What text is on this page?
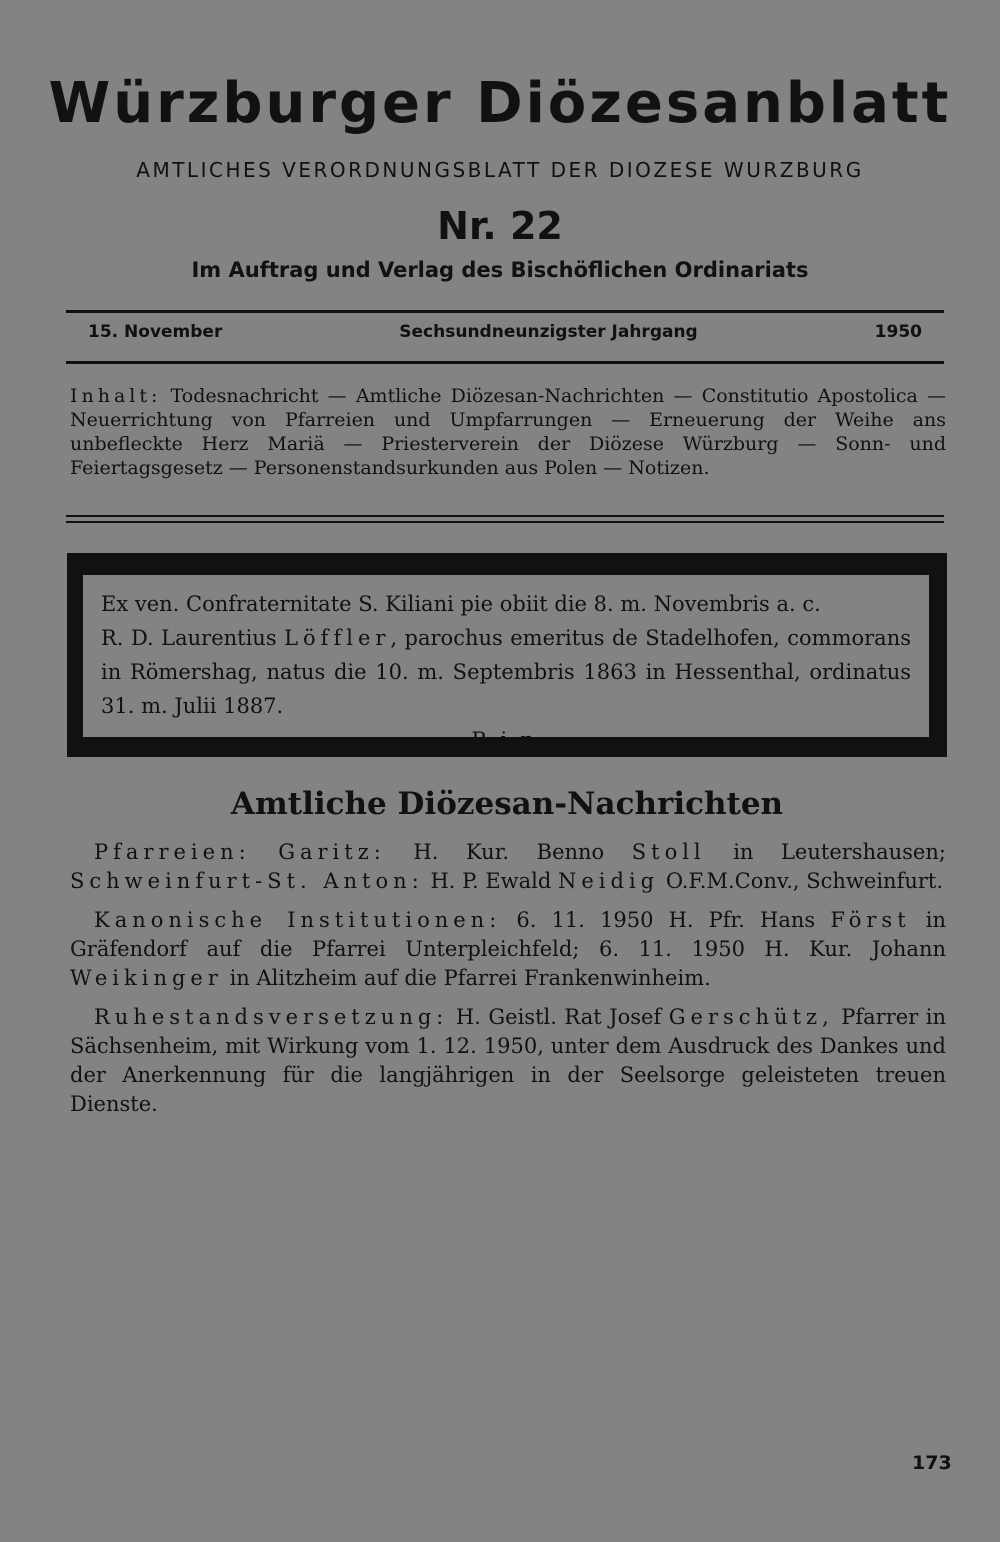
Würzburger Diözesanblatt
AMTLICHES VERORDNUNGSBLATT DER DIOZESE WURZBURG
Nr. 22
Im Auftrag und Verlag des Bischöflichen Ordinariats
15. November	Sechsundneunzigster Jahrgang	1950
Inhalt: Todesnachricht — Amtliche Diözesan-Nachrichten — Constitutio Apostolica — Neuerrichtung von Pfarreien und Umpfarrungen — Erneuerung der Weihe ans unbefleckte Herz Mariä — Priesterverein der Diözese Würzburg — Sonn- und Feiertagsgesetz — Personenstandsurkunden aus Polen — Notizen.
Ex ven. Confraternitate S. Kiliani pie obiit die 8. m. Novembris a. c.
R. D. Laurentius Löffler, parochus emeritus de Stadelhofen, commorans in Römershag, natus die 10. m. Septembris 1863 in Hessenthal, ordinatus 31. m. Julii 1887.
R. i. p.
Amtliche Diözesan-Nachrichten

Pfarreien: Garitz: H. Kur. Benno Stoll in Leutershausen; Schweinfurt-St. Anton: H. P. Ewald Neidig O.F.M.Conv., Schweinfurt.

Kanonische Institutionen: 6. 11. 1950 H. Pfr. Hans Först in Gräfendorf auf die Pfarrei Unterpleichfeld; 6. 11. 1950 H. Kur. Johann Weikinger in Alitzheim auf die Pfarrei Frankenwinheim.

Ruhestandsversetzung: H. Geistl. Rat Josef Gerschütz, Pfarrer in Sächsenheim, mit Wirkung vom 1. 12. 1950, unter dem Ausdruck des Dankes und der Anerkennung für die langjährigen in der Seelsorge geleisteten treuen Dienste.

173
